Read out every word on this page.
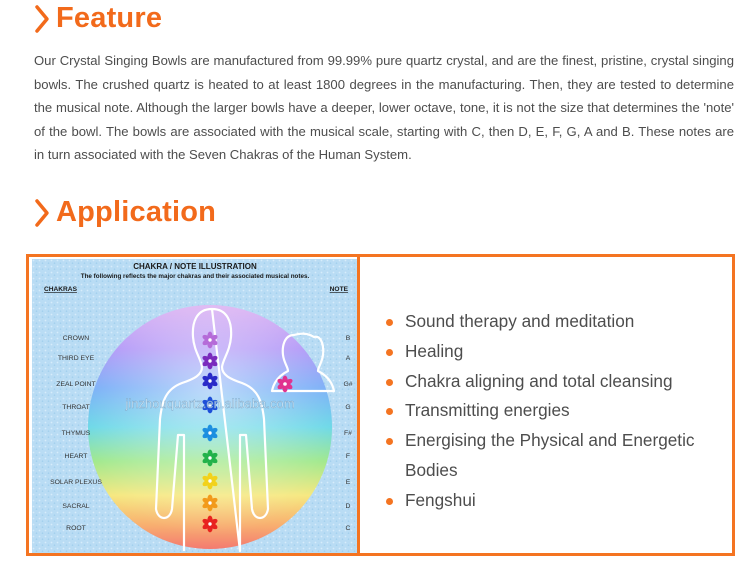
Feature

Our Crystal Singing Bowls are manufactured from 99.99% pure quartz crystal, and are the finest, pristine, crystal singing bowls. The crushed quartz is heated to at least 1800 degrees in the manufacturing. Then, they are tested to determine the musical note. Although the larger bowls have a deeper, lower octave, tone, it is not the size that determines the 'note' of the bowl. The bowls are associated with the musical scale, starting with C, then D, E, F, G, A and B. These notes are in turn associated with the Seven Chakras of the Human System.

Application
CHAKRA / NOTE ILLUSTRATION
The following reflects the major chakras and their associated musical notes.
CHAKRAS	NOTE
CROWN
THIRD EYE
ZEAL POINT
THROAT
THYMUS
HEART
SOLAR PLEXUS
SACRAL
ROOT
B
A
G#
G
F#
F
E
D
C
jinzhouquartz.en.alibaba.com
Sound therapy and meditation
Healing
Chakra aligning and total cleansing
Transmitting energies
Energising the Physical and Energetic Bodies
Fengshui
